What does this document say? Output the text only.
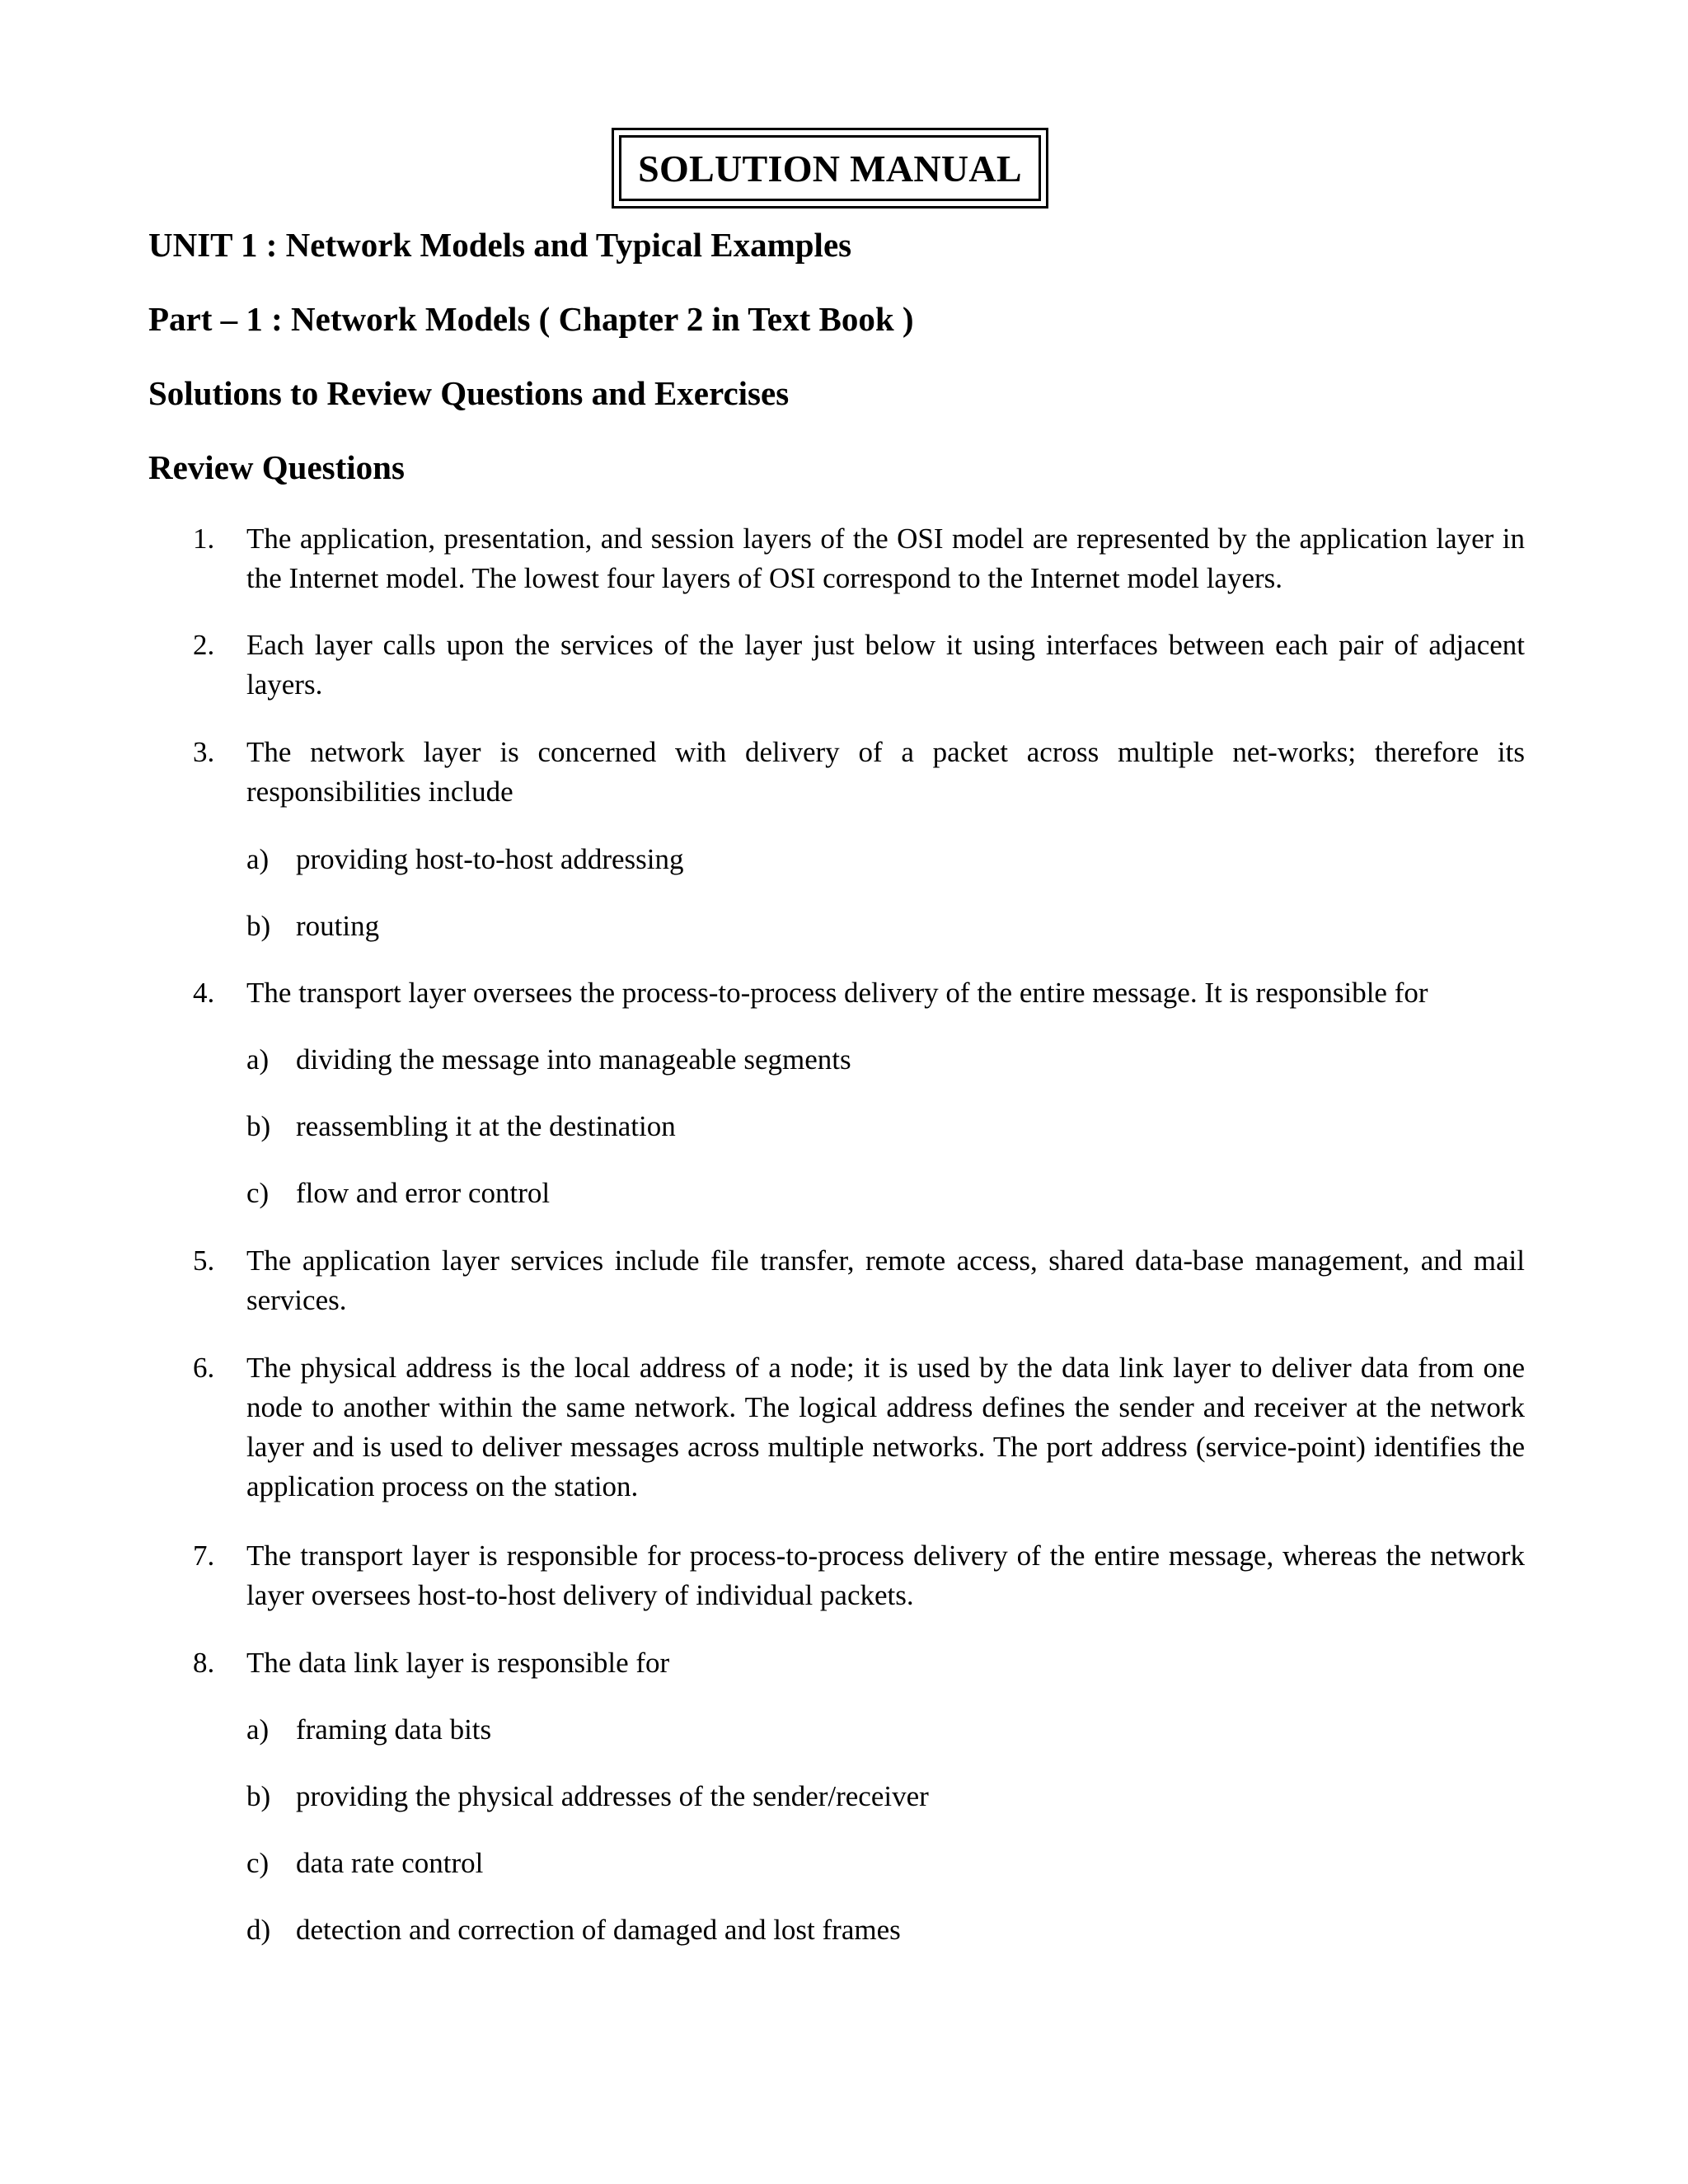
SOLUTION MANUAL
UNIT 1 : Network Models and Typical Examples
Part – 1 : Network Models ( Chapter 2 in Text Book )
Solutions to Review Questions and Exercises
Review Questions
1.	The application, presentation, and session layers of the OSI model are represented by the application layer in the Internet model. The lowest four layers of OSI correspond to the Internet model layers.
2.	Each layer calls upon the services of the layer just below it using interfaces between each pair of adjacent layers.
3.	The network layer is concerned with delivery of a packet across multiple net-works; therefore its responsibilities include
a) providing host-to-host addressing
b) routing
4.	The transport layer oversees the process-to-process delivery of the entire message. It is responsible for
a) dividing the message into manageable segments
b) reassembling it at the destination
c) flow and error control
5.	The application layer services include file transfer, remote access, shared data-base management, and mail services.
6.	The physical address is the local address of a node; it is used by the data link layer to deliver data from one node to another within the same network. The logical address defines the sender and receiver at the network layer and is used to deliver messages across multiple networks. The port address (service-point) identifies the application process on the station.
7.	The transport layer is responsible for process-to-process delivery of the entire message, whereas the network layer oversees host-to-host delivery of individual packets.
8.	The data link layer is responsible for
a) framing data bits
b) providing the physical addresses of the sender/receiver
c) data rate control
d) detection and correction of damaged and lost frames
